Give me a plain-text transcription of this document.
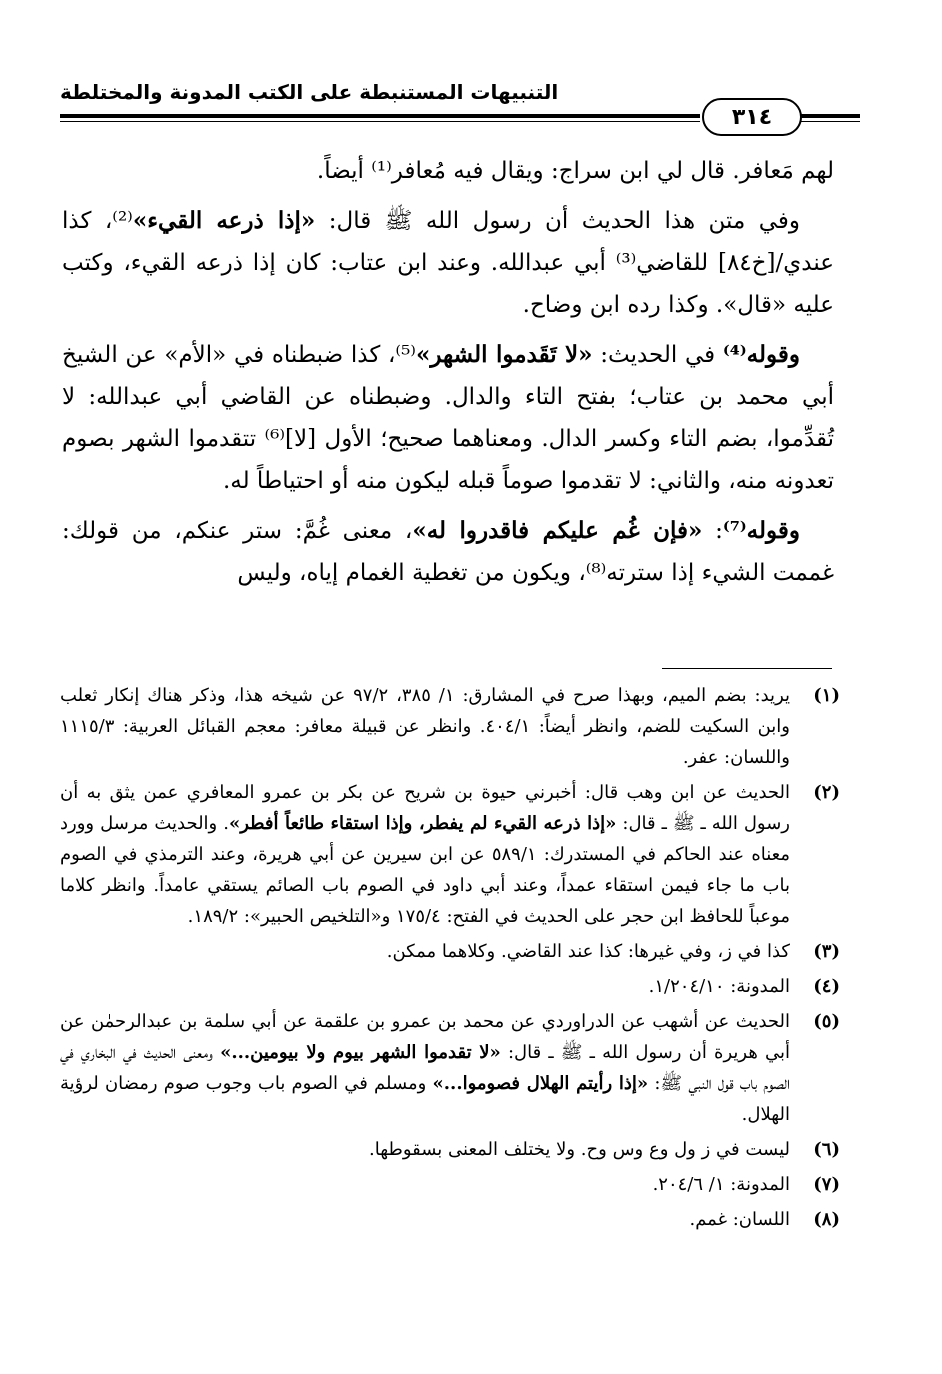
التنبيهات المستنبطة على الكتب المدونة والمختلطة
٣١٤

لهم مَعافر. قال لي ابن سراج: ويقال فيه مُعافر⁽¹⁾ أيضاً.

وفي متن هذا الحديث أن رسول الله ﷺ قال: «إذا ذرعه القيء»⁽²⁾، كذا عندي/[خ٨٤] للقاضي⁽³⁾ أبي عبدالله. وعند ابن عتاب: كان إذا ذرعه القيء، وكتب عليه «قال». وكذا رده ابن وضاح.

وقوله⁽⁴⁾ في الحديث: «لا تَقَدموا الشهر»⁽⁵⁾، كذا ضبطناه في «الأم» عن الشيخ أبي محمد بن عتاب؛ بفتح التاء والدال. وضبطناه عن القاضي أبي عبدالله: لا تُقدِّموا، بضم التاء وكسر الدال. ومعناهما صحيح؛ الأول [لا]⁽⁶⁾ تتقدموا الشهر بصوم تعدونه منه، والثاني: لا تقدموا صوماً قبله ليكون منه أو احتياطاً له.

وقوله⁽⁷⁾: «فإن غُم عليكم فاقدروا له»، معنى غُمَّ: ستر عنكم، من قولك: غممت الشيء إذا سترته⁽⁸⁾، ويكون من تغطية الغمام إياه، وليس

(١)
يريد: بضم الميم، وبهذا صرح في المشارق: ١/ ٣٨٥، ٩٧/٢ عن شيخه هذا، وذكر هناك إنكار ثعلب وابن السكيت للضم، وانظر أيضاً: ٤٠٤/١. وانظر عن قبيلة معافر: معجم القبائل العربية: ١١١٥/٣ واللسان: عفر.
(٢)
الحديث عن ابن وهب قال: أخبرني حيوة بن شريح عن بكر بن عمرو المعافري عمن يثق به أن رسول الله ـ ﷺ ـ قال: «إذا ذرعه القيء لم يفطر، وإذا استقاء طائعاً أفطر». والحديث مرسل وورد معناه عند الحاكم في المستدرك: ٥٨٩/١ عن ابن سيرين عن أبي هريرة، وعند الترمذي في الصوم باب ما جاء فيمن استقاء عمداً، وعند أبي داود في الصوم باب الصائم يستقي عامداً. وانظر كلاما موعباً للحافظ ابن حجر على الحديث في الفتح: ١٧٥/٤ و«التلخيص الحبير»: ١٨٩/٢.
(٣)
كذا في ز، وفي غيرها: كذا عند القاضي. وكلاهما ممكن.
(٤)
المدونة: ١/٢٠٤/١٠.
(٥)
الحديث عن أشهب عن الدراوردي عن محمد بن عمرو بن علقمة عن أبي سلمة بن عبدالرحمٰن عن أبي هريرة أن رسول الله ـ ﷺ ـ قال: «لا تقدموا الشهر بيوم ولا بيومين...» ومعنى الحديث في البخاري في الصوم باب قول النبي ﷺ: «إذا رأيتم الهلال فصوموا...» ومسلم في الصوم باب وجوب صوم رمضان لرؤية الهلال.
(٦)
ليست في ز ول وع وس وح. ولا يختلف المعنى بسقوطها.
(٧)
المدونة: ١/ ٢٠٤/٦.
(٨)
اللسان: غمم.
